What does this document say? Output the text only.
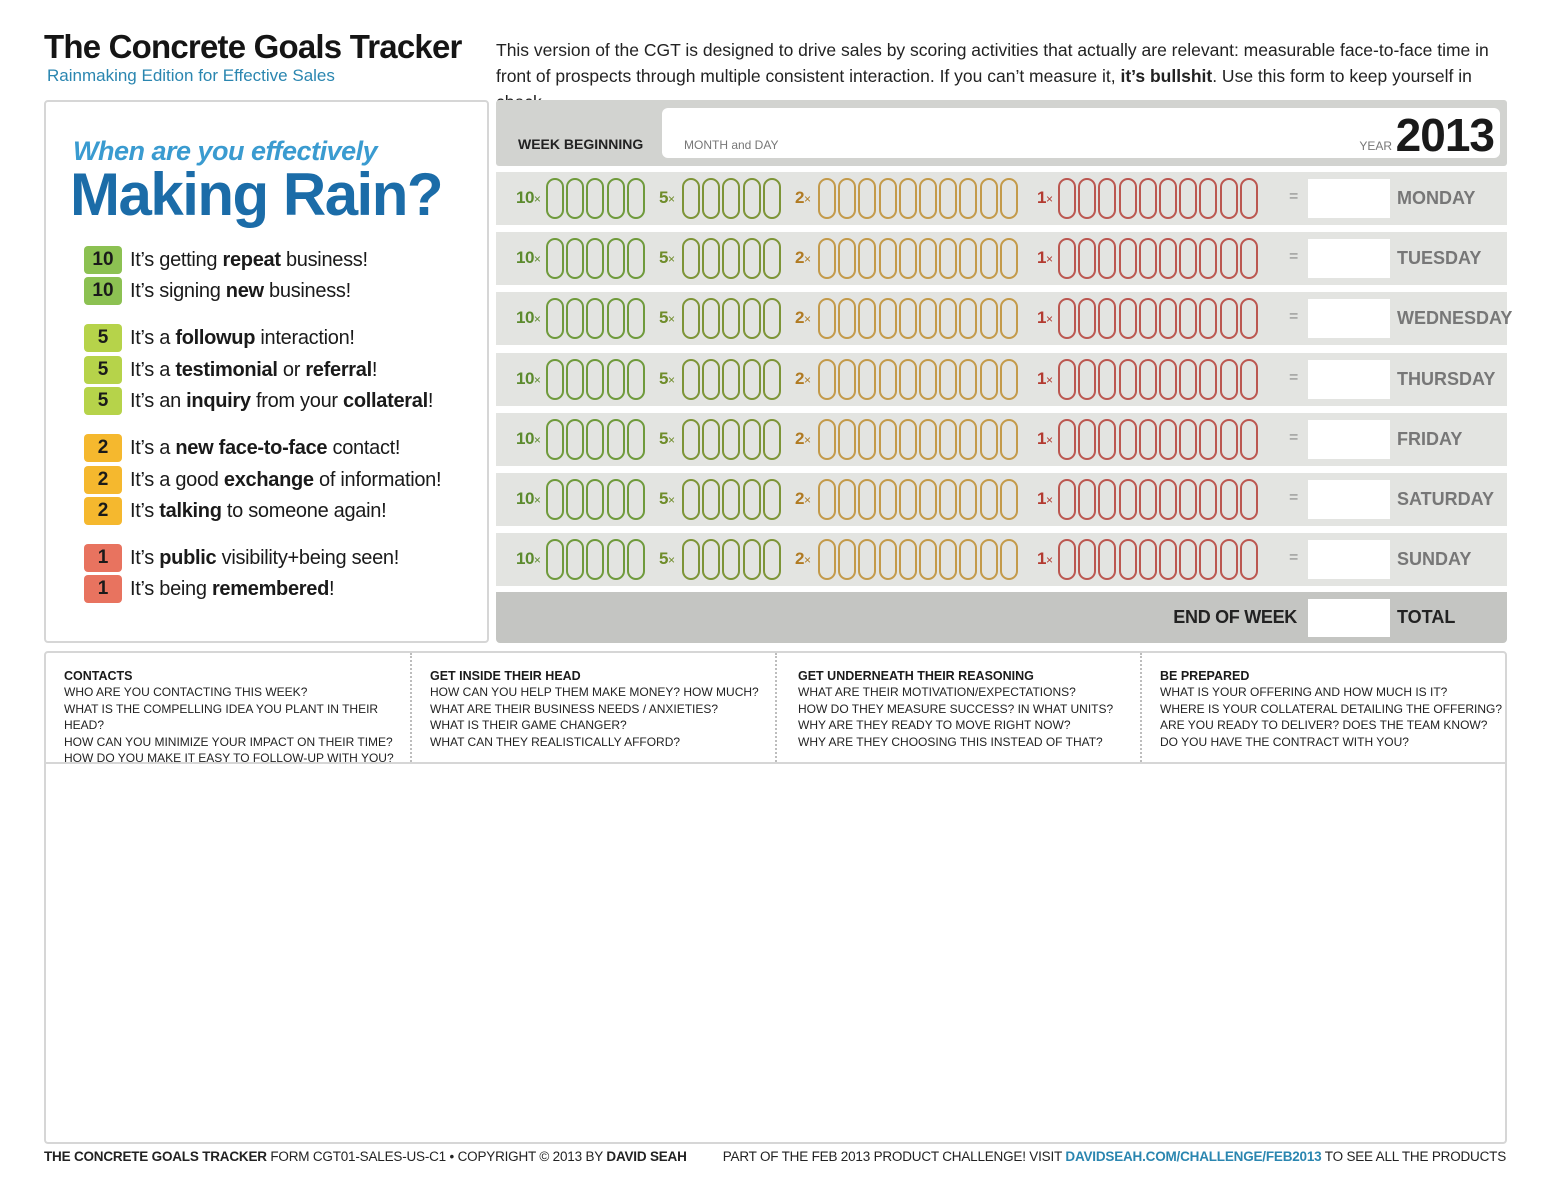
The Concrete Goals Tracker
Rainmaking Edition for Effective Sales
This version of the CGT is designed to drive sales by scoring activities that actually are relevant: measurable face-to-face time in front of prospects through multiple consistent interaction. If you can’t measure it, it’s bullshit. Use this form to keep yourself in
When are you effectively
Making Rain?
10 It’s getting repeat business!
10 It’s signing new business!
5	It’s a followup interaction!
5	It’s a testimonial or referral!
5	It’s an inquiry from your collateral!
2	It’s a new face-to-face contact!
2	It’s a good exchange of information!
2	It’s talking to someone again!
1	It’s public visibility+being seen!
1	It’s being remembered!
WEEK BEGINNING	MONTH and DAY	YEAR 2013
10×	5×	2×	1×	=	MONDAY
10×	5×	2×	1×	=	TUESDAY
10×	5×	2×	1×	=	WEDNESDAY
10×	5×	2×	1×	=	THURSDAY
10×	5×	2×	1×	=	FRIDAY
10×	5×	2×	1×	=	SATURDAY
10×	5×	2×	1×	=	SUNDAY
END OF WEEK	TOTAL
CONTACTS
WHO ARE YOU CONTACTING THIS WEEK?
WHAT IS THE COMPELLING IDEA YOU PLANT IN THEIR HEAD?
HOW CAN YOU MINIMIZE YOUR IMPACT ON THEIR TIME?
HOW DO YOU MAKE IT EASY TO FOLLOW-UP WITH YOU?
GET INSIDE THEIR HEAD
HOW CAN YOU HELP THEM MAKE MONEY? HOW MUCH?
WHAT ARE THEIR BUSINESS NEEDS / ANXIETIES?
WHAT IS THEIR GAME CHANGER?
WHAT CAN THEY REALISTICALLY AFFORD?
GET UNDERNEATH THEIR REASONING
WHAT ARE THEIR MOTIVATION/EXPECTATIONS?
HOW DO THEY MEASURE SUCCESS? IN WHAT UNITS?
WHY ARE THEY READY TO MOVE RIGHT NOW?
WHY ARE THEY CHOOSING THIS INSTEAD OF THAT?
BE PREPARED
WHAT IS YOUR OFFERING AND HOW MUCH IS IT?
WHERE IS YOUR COLLATERAL DETAILING THE OFFERING?
ARE YOU READY TO DELIVER? DOES THE TEAM KNOW?
DO YOU HAVE THE CONTRACT WITH YOU?
THE CONCRETE GOALS TRACKER FORM CGT01-SALES-US-C1 • COPYRIGHT © 2013 BY DAVID SEAH	PART OF THE FEB 2013 PRODUCT CHALLENGE! VISIT DAVIDSEAH.COM/CHALLENGE/FEB2013 TO SEE ALL THE PRODUCTS
